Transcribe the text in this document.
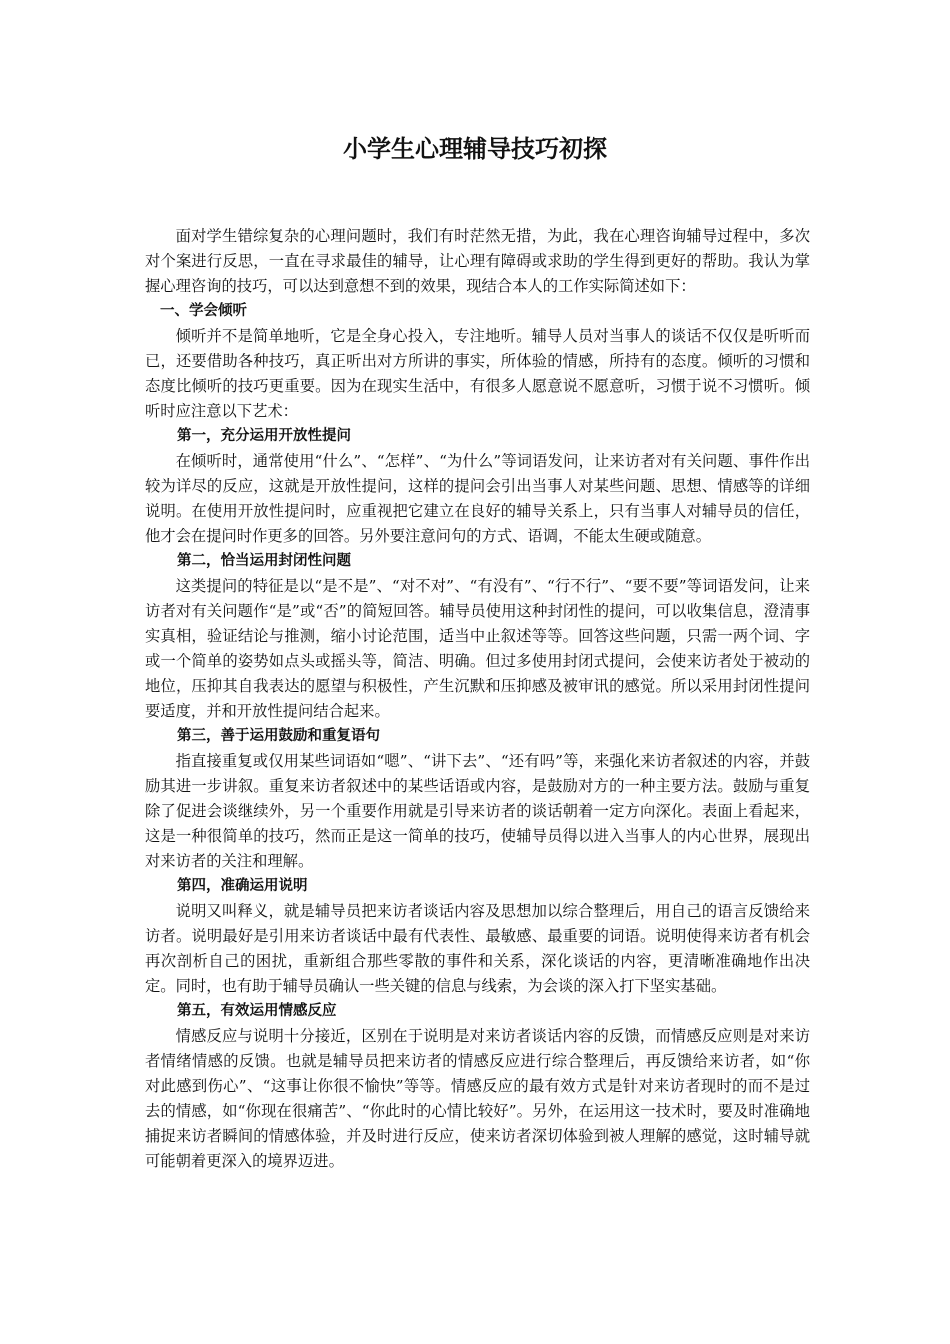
小学生心理辅导技巧初探

面对学生错综复杂的心理问题时，我们有时茫然无措，为此，我在心理咨询辅导过程中，多次对个案进行反思，一直在寻求最佳的辅导，让心理有障碍或求助的学生得到更好的帮助。我认为掌握心理咨询的技巧，可以达到意想不到的效果，现结合本人的工作实际简述如下：

一、学会倾听

倾听并不是简单地听，它是全身心投入，专注地听。辅导人员对当事人的谈话不仅仅是听听而已，还要借助各种技巧，真正听出对方所讲的事实，所体验的情感，所持有的态度。倾听的习惯和态度比倾听的技巧更重要。因为在现实生活中，有很多人愿意说不愿意听，习惯于说不习惯听。倾听时应注意以下艺术：

第一，充分运用开放性提问

在倾听时，通常使用“什么”、“怎样”、“为什么”等词语发问，让来访者对有关问题、事件作出较为详尽的反应，这就是开放性提问，这样的提问会引出当事人对某些问题、思想、情感等的详细说明。在使用开放性提问时，应重视把它建立在良好的辅导关系上，只有当事人对辅导员的信任，他才会在提问时作更多的回答。另外要注意问句的方式、语调，不能太生硬或随意。

第二，恰当运用封闭性问题

这类提问的特征是以“是不是”、“对不对”、“有没有”、“行不行”、“要不要”等词语发问，让来访者对有关问题作“是”或“否”的简短回答。辅导员使用这种封闭性的提问，可以收集信息，澄清事实真相，验证结论与推测，缩小讨论范围，适当中止叙述等等。回答这些问题，只需一两个词、字或一个简单的姿势如点头或摇头等，简洁、明确。但过多使用封闭式提问，会使来访者处于被动的地位，压抑其自我表达的愿望与积极性，产生沉默和压抑感及被审讯的感觉。所以采用封闭性提问要适度，并和开放性提问结合起来。

第三，善于运用鼓励和重复语句

指直接重复或仅用某些词语如“嗯”、“讲下去”、“还有吗”等，来强化来访者叙述的内容，并鼓励其进一步讲叙。重复来访者叙述中的某些话语或内容，是鼓励对方的一种主要方法。鼓励与重复除了促进会谈继续外，另一个重要作用就是引导来访者的谈话朝着一定方向深化。表面上看起来，这是一种很简单的技巧，然而正是这一简单的技巧，使辅导员得以进入当事人的内心世界，展现出对来访者的关注和理解。

第四，准确运用说明

说明又叫释义，就是辅导员把来访者谈话内容及思想加以综合整理后，用自己的语言反馈给来访者。说明最好是引用来访者谈话中最有代表性、最敏感、最重要的词语。说明使得来访者有机会再次剖析自己的困扰，重新组合那些零散的事件和关系，深化谈话的内容，更清晰准确地作出决定。同时，也有助于辅导员确认一些关键的信息与线索，为会谈的深入打下坚实基础。

第五，有效运用情感反应

情感反应与说明十分接近，区别在于说明是对来访者谈话内容的反馈，而情感反应则是对来访者情绪情感的反馈。也就是辅导员把来访者的情感反应进行综合整理后，再反馈给来访者，如“你对此感到伤心”、“这事让你很不愉快”等等。情感反应的最有效方式是针对来访者现时的而不是过去的情感，如“你现在很痛苦”、“你此时的心情比较好”。另外，在运用这一技术时，要及时准确地捕捉来访者瞬间的情感体验，并及时进行反应，使来访者深切体验到被人理解的感觉，这时辅导就可能朝着更深入的境界迈进。
